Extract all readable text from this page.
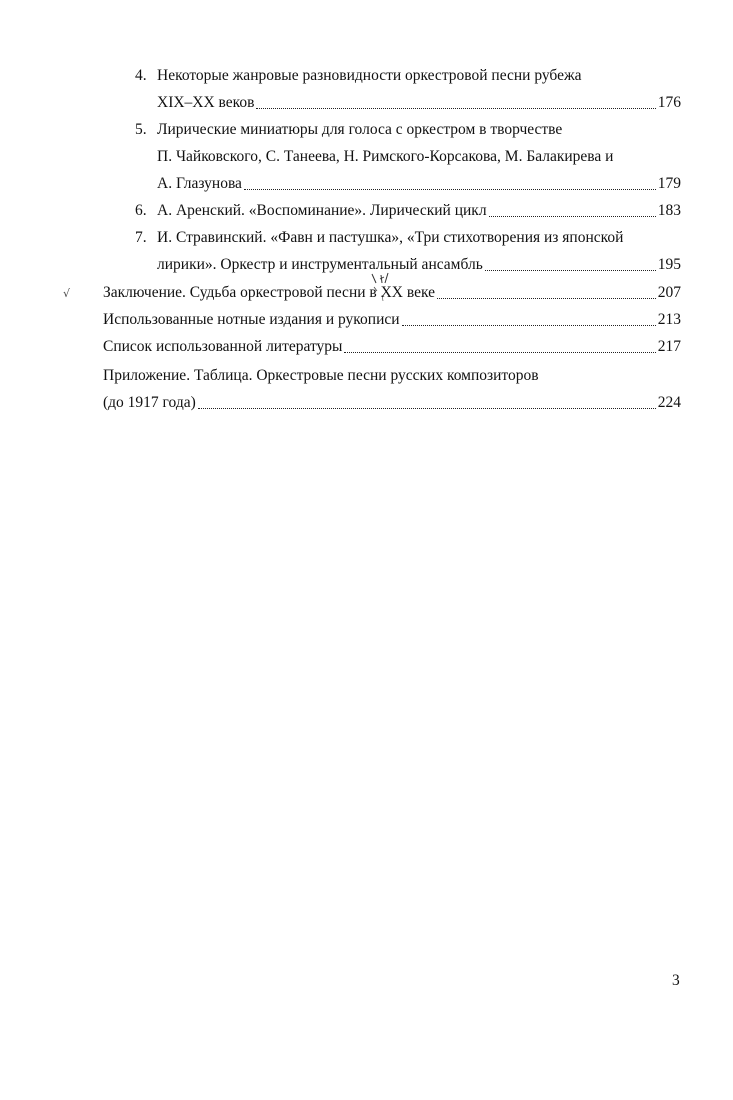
4. Некоторые жанровые разновидности оркестровой песни рубежа
XIX–XX веков	176
5. Лирические миниатюры для голоса с оркестром в творчестве
П. Чайковского, С. Танеева, Н. Римского-Корсакова, М. Балакирева и
А. Глазунова	179
6. А. Аренский. «Воспоминание». Лирический цикл	183
7. И. Стравинский. «Фавн и пастушка», «Три стихотворения из японской
лирики». Оркестр и инструментальный ансамбль	195
√ Заключение. Судьба оркестровой песни в XX веке	207
Использованные нотные издания и рукописи	213
Список использованной литературы	217
Приложение. Таблица. Оркестровые песни русских композиторов
(до 1917 года)	224
3
